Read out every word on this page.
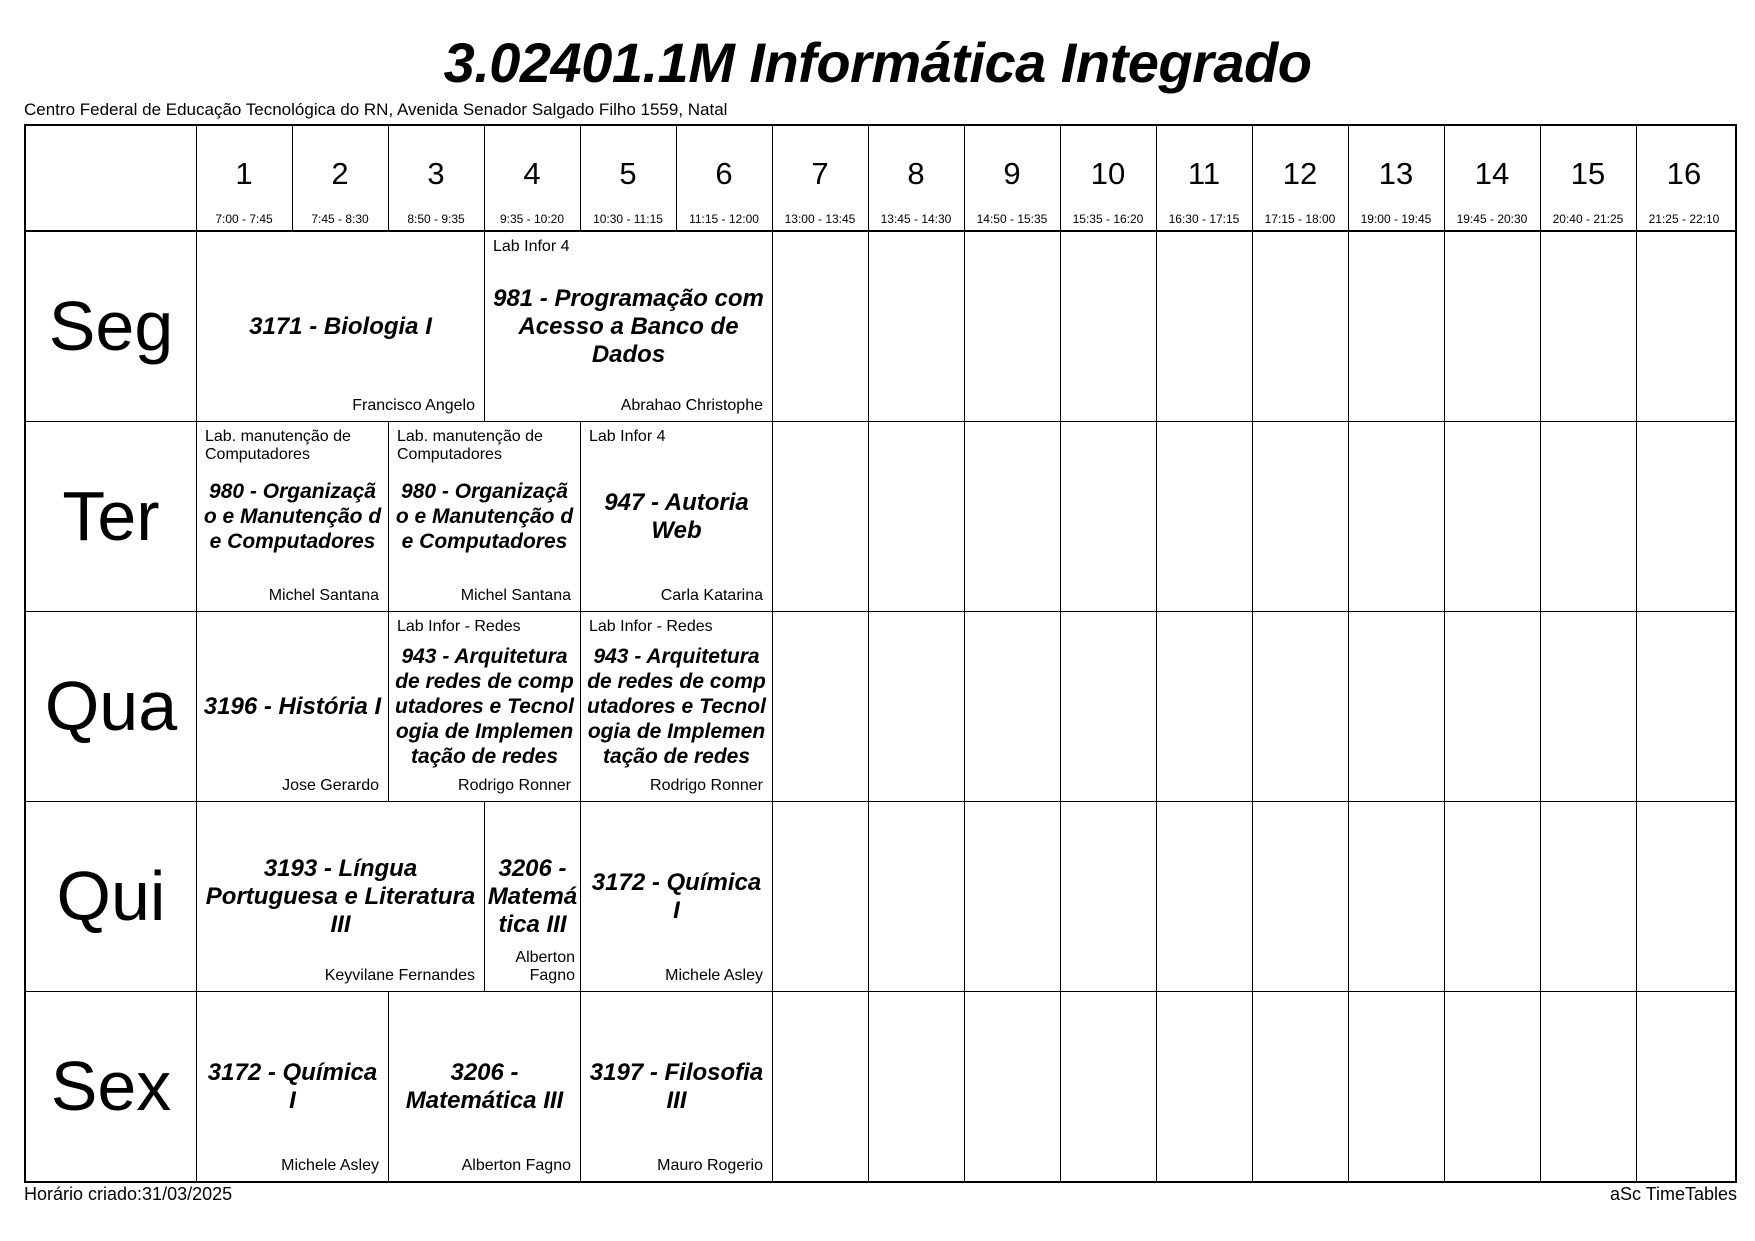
3.02401.1M Informática Integrado
Centro Federal de Educação Tecnológica do RN, Avenida Senador Salgado Filho 1559, Natal
1
7:00 - 7:45
2
7:45 - 8:30
3
8:50 - 9:35
4
9:35 - 10:20
5
10:30 - 11:15
6
11:15 - 12:00
7
13:00 - 13:45
8
13:45 - 14:30
9
14:50 - 15:35
10
15:35 - 16:20
11
16:30 - 17:15
12
17:15 - 18:00
13
19:00 - 19:45
14
19:45 - 20:30
15
20:40 - 21:25
16
21:25 - 22:10
Seg
Ter
Qua
Qui
Sex
3171 - Biologia I
Francisco Angelo
Lab Infor 4
981 - Programação com Acesso a Banco de Dados
Abrahao Christophe
Lab. manutenção de Computadores
980 - Organização e Manutenção de Computadores
Michel Santana
Lab. manutenção de Computadores
980 - Organização e Manutenção de Computadores
Michel Santana
Lab Infor 4
947 - Autoria Web
Carla Katarina
3196 - História I
Jose Gerardo
Lab Infor - Redes
943 - Arquitetura de redes de computadores e Tecnologia de Implementação de redes
Rodrigo Ronner
Lab Infor - Redes
943 - Arquitetura de redes de computadores e Tecnologia de Implementação de redes
Rodrigo Ronner
3193 - Língua Portuguesa e Literatura III
Keyvilane Fernandes
3206 - Matemática III
Alberton Fagno
3172 - Química I
Michele Asley
3172 - Química I
Michele Asley
3206 - Matemática III
Alberton Fagno
3197 - Filosofia III
Mauro Rogerio
Horário criado:31/03/2025	aSc TimeTables
